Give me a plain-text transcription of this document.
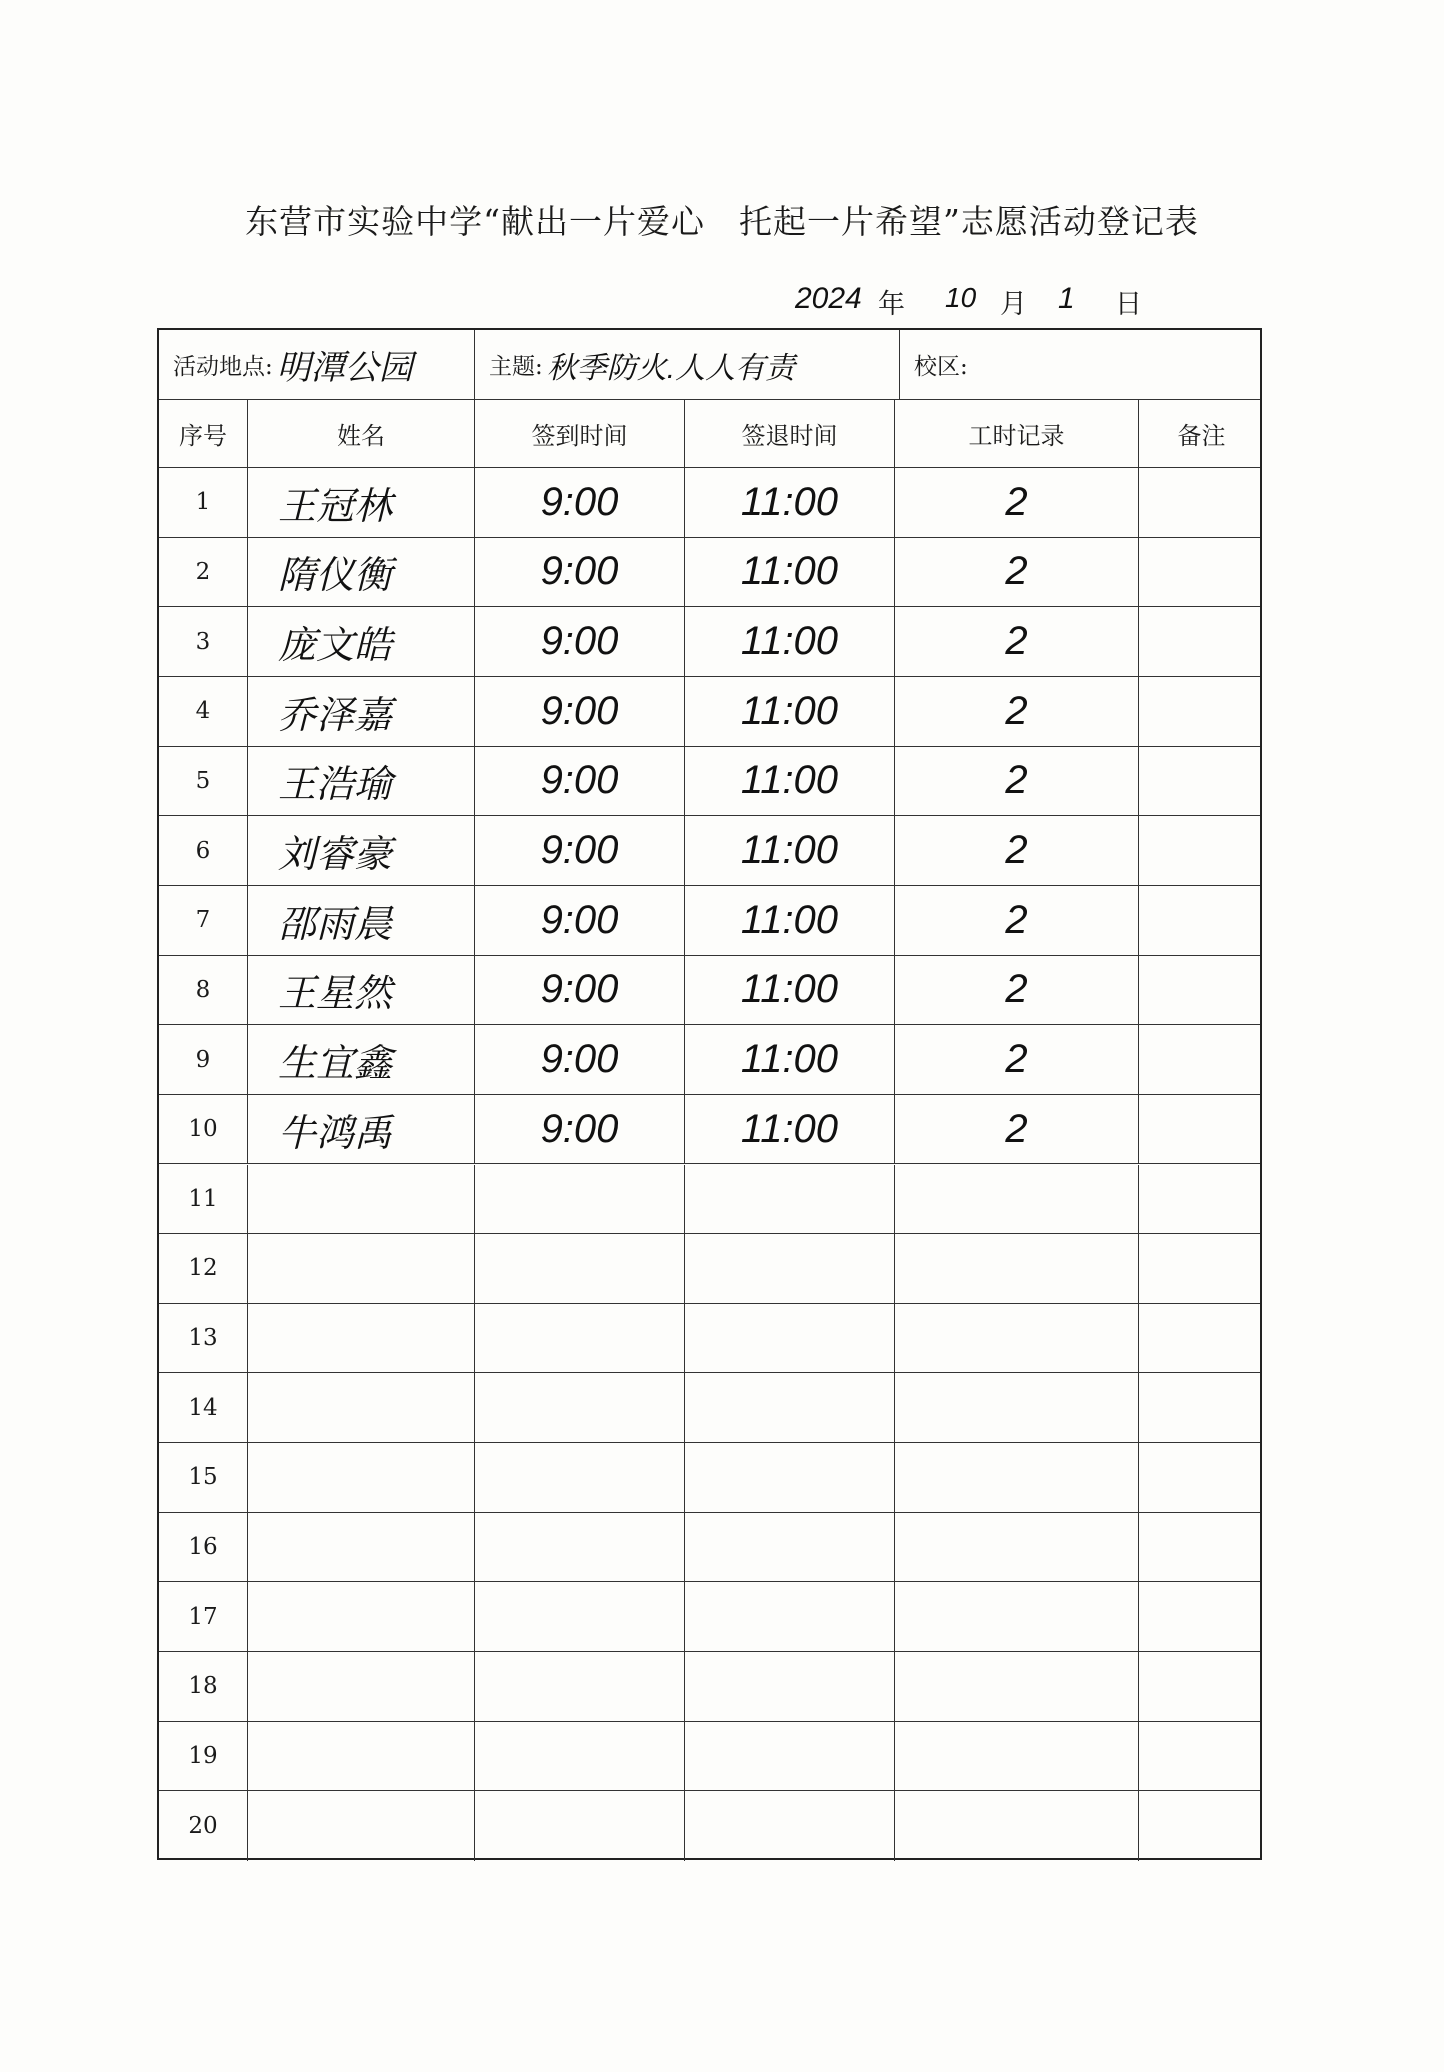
东营市实验中学“献出一片爱心　托起一片希望”志愿活动登记表
2024 年 10 月 1 日
活动地点: 明潭公园	主题: 秋季防火.人人有责	校区:
序号	姓名	签到时间	签退时间	工时记录	备注
1	王冠林	9:00	11:00	2
2	隋仪衡	9:00	11:00	2
3	庞文皓	9:00	11:00	2
4	乔泽嘉	9:00	11:00	2
5	王浩瑜	9:00	11:00	2
6	刘睿豪	9:00	11:00	2
7	邵雨晨	9:00	11:00	2
8	王星然	9:00	11:00	2
9	生宜鑫	9:00	11:00	2
10	牛鸿禹	9:00	11:00	2
11
12
13
14
15
16
17
18
19
20
